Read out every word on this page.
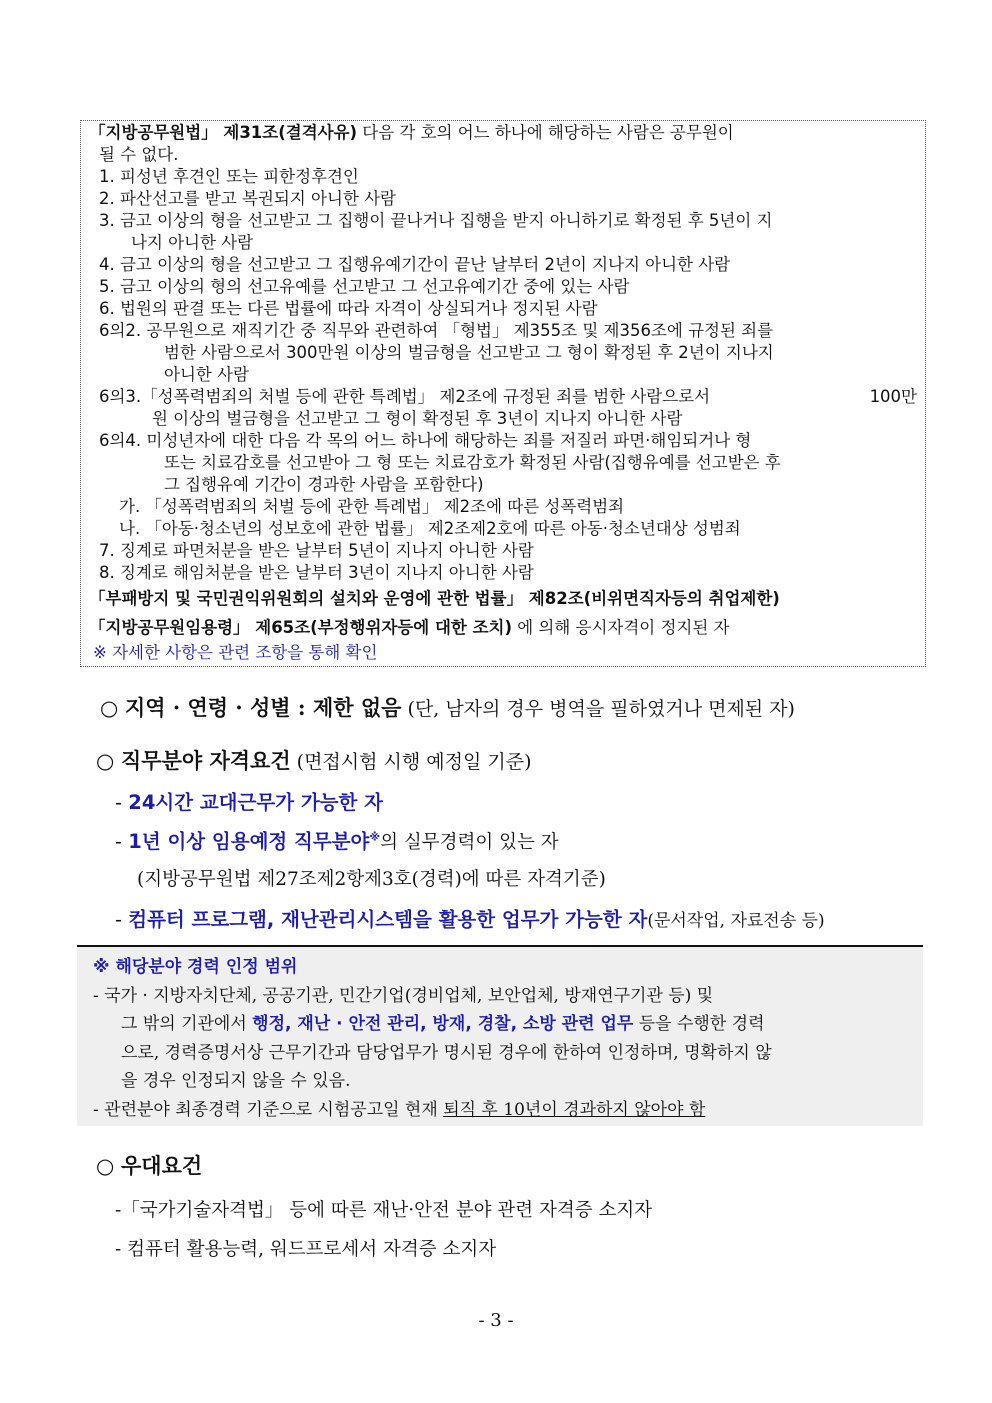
「지방공무원법」 제31조(결격사유) 다음 각 호의 어느 하나에 해당하는 사람은 공무원이
될 수 없다.
1. 피성년 후견인 또는 피한정후견인
2. 파산선고를 받고 복권되지 아니한 사람
3. 금고 이상의 형을 선고받고 그 집행이 끝나거나 집행을 받지 아니하기로 확정된 후 5년이 지
나지 아니한 사람
4. 금고 이상의 형을 선고받고 그 집행유예기간이 끝난 날부터 2년이 지나지 아니한 사람
5. 금고 이상의 형의 선고유예를 선고받고 그 선고유예기간 중에 있는 사람
6. 법원의 판결 또는 다른 법률에 따라 자격이 상실되거나 정지된 사람
6의2. 공무원으로 재직기간 중 직무와 관련하여 「형법」 제355조 및 제356조에 규정된 죄를
범한 사람으로서 300만원 이상의 벌금형을 선고받고 그 형이 확정된 후 2년이 지나지
아니한 사람
6의3.「성폭력범죄의 처벌 등에 관한 특례법」 제2조에 규정된 죄를 범한 사람으로서	100만
원 이상의 벌금형을 선고받고 그 형이 확정된 후 3년이 지나지 아니한 사람
6의4. 미성년자에 대한 다음 각 목의 어느 하나에 해당하는 죄를 저질러 파면·해임되거나 형
또는 치료감호를 선고받아 그 형 또는 치료감호가 확정된 사람(집행유예를 선고받은 후
그 집행유예 기간이 경과한 사람을 포함한다)
가. 「성폭력범죄의 처벌 등에 관한 특례법」 제2조에 따른 성폭력범죄
나. 「아동·청소년의 성보호에 관한 법률」 제2조제2호에 따른 아동·청소년대상 성범죄
7. 징계로 파면처분을 받은 날부터 5년이 지나지 아니한 사람
8. 징계로 해임처분을 받은 날부터 3년이 지나지 아니한 사람
「부패방지 및 국민권익위원회의 설치와 운영에 관한 법률」 제82조(비위면직자등의 취업제한)
「지방공무원임용령」 제65조(부정행위자등에 대한 조치) 에 의해 응시자격이 정지된 자
※ 자세한 사항은 관련 조항을 통해 확인
○ 지역 · 연령 · 성별 : 제한 없음 (단, 남자의 경우 병역을 필하였거나 면제된 자)
○ 직무분야 자격요건 (면접시험 시행 예정일 기준)
- 24시간 교대근무가 가능한 자
- 1년 이상 임용예정 직무분야※의 실무경력이 있는 자
(지방공무원법 제27조제2항제3호(경력)에 따른 자격기준)
- 컴퓨터 프로그램, 재난관리시스템을 활용한 업무가 가능한 자(문서작업, 자료전송 등)
※ 해당분야 경력 인정 범위
- 국가 · 지방자치단체, 공공기관, 민간기업(경비업체, 보안업체, 방재연구기관 등) 및
그 밖의 기관에서 행정, 재난 · 안전 관리, 방재, 경찰, 소방 관련 업무 등을 수행한 경력
으로, 경력증명서상 근무기간과 담당업무가 명시된 경우에 한하여 인정하며, 명확하지 않
을 경우 인정되지 않을 수 있음.
- 관련분야 최종경력 기준으로 시험공고일 현재 퇴직 후 10년이 경과하지 않아야 함
○ 우대요건
-「국가기술자격법」 등에 따른 재난·안전 분야 관련 자격증 소지자
- 컴퓨터 활용능력, 워드프로세서 자격증 소지자
- 3 -
